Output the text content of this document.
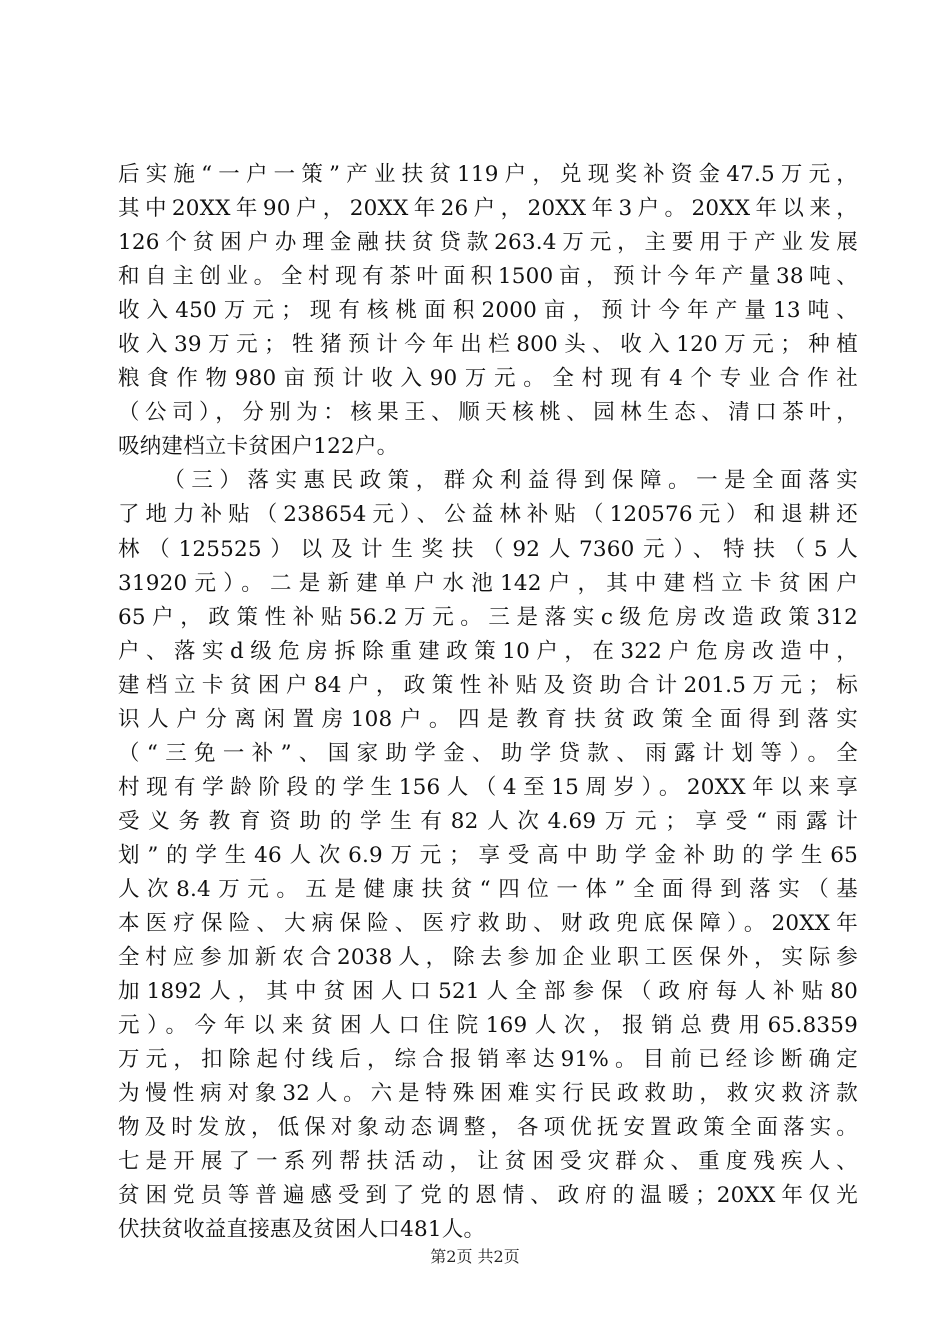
后实施“一户一策”产业扶贫119户，兑现奖补资金47.5万元，
其中20XX年90户，20XX年26户，20XX年3户。20XX年以来，
126个贫困户办理金融扶贫贷款263.4万元，主要用于产业发展
和自主创业。全村现有茶叶面积1500亩，预计今年产量38吨、
收入450万元；现有核桃面积2000亩，预计今年产量13吨、
收入39万元；牲猪预计今年出栏800头、收入120万元；种植
粮食作物980亩预计收入90万元。全村现有4个专业合作社
（公司），分别为：核果王、顺天核桃、园林生态、清口茶叶，
吸纳建档立卡贫困户122户。
　　（三）落实惠民政策，群众利益得到保障。一是全面落实
了地力补贴（238654元）、公益林补贴（120576元）和退耕还
林（125525）以及计生奖扶（92人7360元）、特扶（5人
31920元）。二是新建单户水池142户，其中建档立卡贫困户
65户，政策性补贴56.2万元。三是落实c级危房改造政策312
户、落实d级危房拆除重建政策10户，在322户危房改造中，
建档立卡贫困户84户，政策性补贴及资助合计201.5万元；标
识人户分离闲置房108户。四是教育扶贫政策全面得到落实
（“三免一补”、国家助学金、助学贷款、雨露计划等）。全
村现有学龄阶段的学生156人（4至15周岁）。20XX年以来享
受义务教育资助的学生有82人次4.69万元；享受“雨露计
划”的学生46人次6.9万元；享受高中助学金补助的学生65
人次8.4万元。五是健康扶贫“四位一体”全面得到落实（基
本医疗保险、大病保险、医疗救助、财政兜底保障）。20XX年
全村应参加新农合2038人，除去参加企业职工医保外，实际参
加1892人，其中贫困人口521人全部参保（政府每人补贴80
元）。今年以来贫困人口住院169人次，报销总费用65.8359
万元，扣除起付线后，综合报销率达91%。目前已经诊断确定
为慢性病对象32人。六是特殊困难实行民政救助，救灾救济款
物及时发放，低保对象动态调整，各项优抚安置政策全面落实。
七是开展了一系列帮扶活动，让贫困受灾群众、重度残疾人、
贫困党员等普遍感受到了党的恩情、政府的温暖；20XX年仅光
伏扶贫收益直接惠及贫困人口481人。
第2页 共2页
